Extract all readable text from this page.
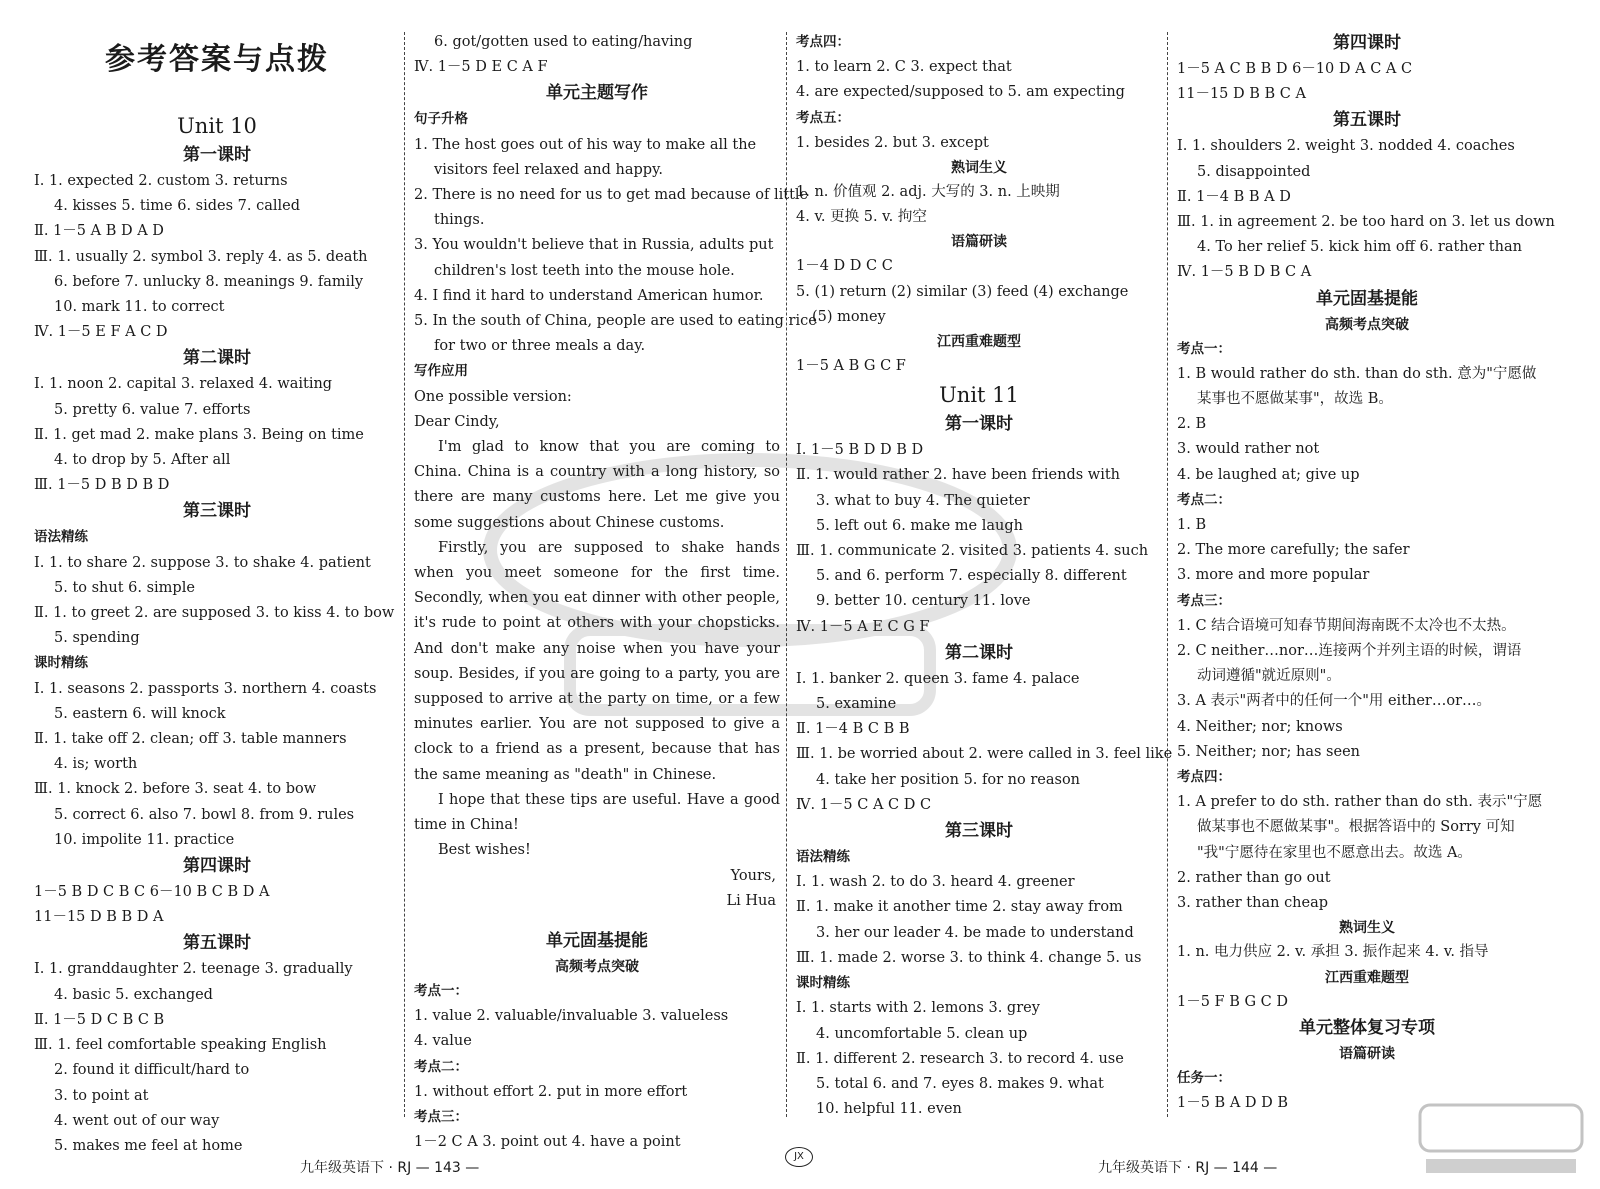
参考答案与点拨
Unit 10
第一课时
Ⅰ. 1. expected 2. custom 3. returns
4. kisses 5. time 6. sides 7. called
Ⅱ. 1－5 A B D A D
Ⅲ. 1. usually 2. symbol 3. reply 4. as 5. death
6. before 7. unlucky 8. meanings 9. family
10. mark 11. to correct
Ⅳ. 1－5 E F A C D
第二课时
Ⅰ. 1. noon 2. capital 3. relaxed 4. waiting
5. pretty 6. value 7. efforts
Ⅱ. 1. get mad 2. make plans 3. Being on time
4. to drop by 5. After all
Ⅲ. 1－5 D B D B D
第三课时
语法精练
Ⅰ. 1. to share 2. suppose 3. to shake 4. patient
5. to shut 6. simple
Ⅱ. 1. to greet 2. are supposed 3. to kiss 4. to bow
5. spending
课时精练
Ⅰ. 1. seasons 2. passports 3. northern 4. coasts
5. eastern 6. will knock
Ⅱ. 1. take off 2. clean; off 3. table manners
4. is; worth
Ⅲ. 1. knock 2. before 3. seat 4. to bow
5. correct 6. also 7. bowl 8. from 9. rules
10. impolite 11. practice
第四课时
1－5 B D C B C 6－10 B C B D A
11－15 D B B D A
第五课时
Ⅰ. 1. granddaughter 2. teenage 3. gradually
4. basic 5. exchanged
Ⅱ. 1－5 D C B C B
Ⅲ. 1. feel comfortable speaking English
2. found it difficult/hard to
3. to point at
4. went out of our way
5. makes me feel at home
6. got/gotten used to eating/having
Ⅳ. 1－5 D E C A F
单元主题写作
句子升格
1. The host goes out of his way to make all the
visitors feel relaxed and happy.
2. There is no need for us to get mad because of little
things.
3. You wouldn't believe that in Russia, adults put
children's lost teeth into the mouse hole.
4. I find it hard to understand American humor.
5. In the south of China, people are used to eating rice
for two or three meals a day.
写作应用
One possible version:
Dear Cindy,
I'm glad to know that you are coming to China. China is a country with a long history, so there are many customs here. Let me give you some suggestions about Chinese customs.
Firstly, you are supposed to shake hands when you meet someone for the first time. Secondly, when you eat dinner with other people, it's rude to point at others with your chopsticks. And don't make any noise when you have your soup. Besides, if you are going to a party, you are supposed to arrive at the party on time, or a few minutes earlier. You are not supposed to give a clock to a friend as a present, because that has the same meaning as "death" in Chinese.
I hope that these tips are useful. Have a good time in China!
Best wishes!
Yours,
Li Hua
单元固基提能
高频考点突破
考点一：
1. value 2. valuable/invaluable 3. valueless
4. value
考点二：
1. without effort 2. put in more effort
考点三：
1－2 C A 3. point out 4. have a point
考点四：
1. to learn 2. C 3. expect that
4. are expected/supposed to 5. am expecting
考点五：
1. besides 2. but 3. except
熟词生义
1. n. 价值观 2. adj. 大写的 3. n. 上映期
4. v. 更换 5. v. 拘空
语篇研读
1－4 D D C C
5. (1) return (2) similar (3) feed (4) exchange
(5) money
江西重难题型
1－5 A B G C F
Unit 11
第一课时
Ⅰ. 1－5 B D D B D
Ⅱ. 1. would rather 2. have been friends with
3. what to buy 4. The quieter
5. left out 6. make me laugh
Ⅲ. 1. communicate 2. visited 3. patients 4. such
5. and 6. perform 7. especially 8. different
9. better 10. century 11. love
Ⅳ. 1－5 A E C G F
第二课时
Ⅰ. 1. banker 2. queen 3. fame 4. palace
5. examine
Ⅱ. 1－4 B C B B
Ⅲ. 1. be worried about 2. were called in 3. feel like
4. take her position 5. for no reason
Ⅳ. 1－5 C A C D C
第三课时
语法精练
Ⅰ. 1. wash 2. to do 3. heard 4. greener
Ⅱ. 1. make it another time 2. stay away from
3. her our leader 4. be made to understand
Ⅲ. 1. made 2. worse 3. to think 4. change 5. us
课时精练
Ⅰ. 1. starts with 2. lemons 3. grey
4. uncomfortable 5. clean up
Ⅱ. 1. different 2. research 3. to record 4. use
5. total 6. and 7. eyes 8. makes 9. what
10. helpful 11. even
第四课时
1－5 A C B B D 6－10 D A C A C
11－15 D B B C A
第五课时
Ⅰ. 1. shoulders 2. weight 3. nodded 4. coaches
5. disappointed
Ⅱ. 1－4 B B A D
Ⅲ. 1. in agreement 2. be too hard on 3. let us down
4. To her relief 5. kick him off 6. rather than
Ⅳ. 1－5 B D B C A
单元固基提能
高频考点突破
考点一：
1. B would rather do sth. than do sth. 意为"宁愿做
某事也不愿做某事"，故选 B。
2. B
3. would rather not
4. be laughed at; give up
考点二：
1. B
2. The more carefully; the safer
3. more and more popular
考点三：
1. C 结合语境可知春节期间海南既不太冷也不太热。
2. C neither…nor…连接两个并列主语的时候，谓语
动词遵循"就近原则"。
3. A 表示"两者中的任何一个"用 either…or…。
4. Neither; nor; knows
5. Neither; nor; has seen
考点四：
1. A prefer to do sth. rather than do sth. 表示"宁愿
做某事也不愿做某事"。根据答语中的 Sorry 可知
"我"宁愿待在家里也不愿意出去。故选 A。
2. rather than go out
3. rather than cheap
熟词生义
1. n. 电力供应 2. v. 承担 3. 振作起来 4. v. 指导
江西重难题型
1－5 F B G C D
单元整体复习专项
语篇研读
任务一：
1－5 B A D D B
九年级英语下 · RJ — 143 —
JX
九年级英语下 · RJ — 144 —
